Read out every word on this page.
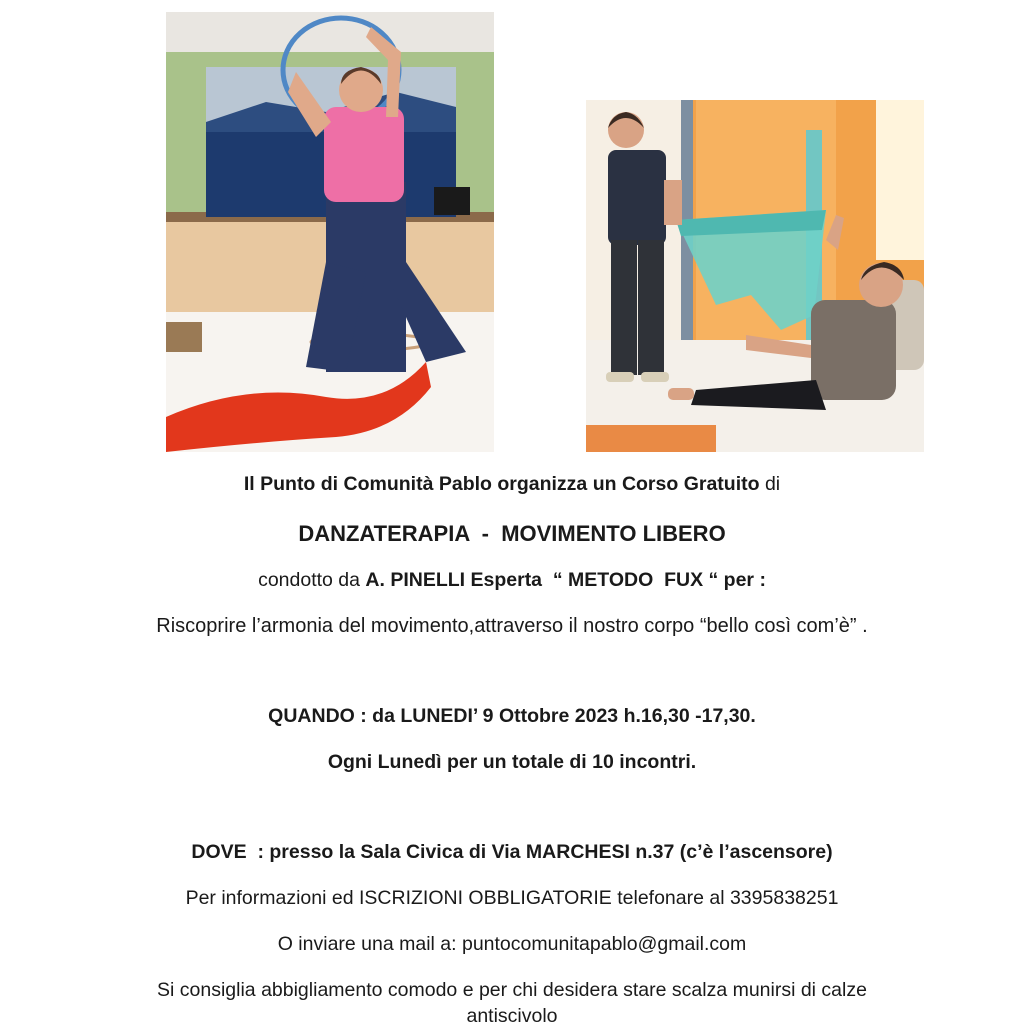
Il Punto di Comunità Pablo organizza un Corso Gratuito di
DANZATERAPIA  -  MOVIMENTO LIBERO
condotto da A. PINELLI Esperta  “ METODO  FUX “ per :
Riscoprire l’armonia del movimento,attraverso il nostro corpo “bello così com’è” .
QUANDO : da LUNEDI’ 9 Ottobre 2023 h.16,30 -17,30.
Ogni Lunedì per un totale di 10 incontri.
DOVE  : presso la Sala Civica di Via MARCHESI n.37 (c’è l’ascensore)
Per informazioni ed ISCRIZIONI OBBLIGATORIE telefonare al 3395838251
O inviare una mail a: puntocomunitapablo@gmail.com
Si consiglia abbigliamento comodo e per chi desidera stare scalza munirsi di calze
antiscivolo
